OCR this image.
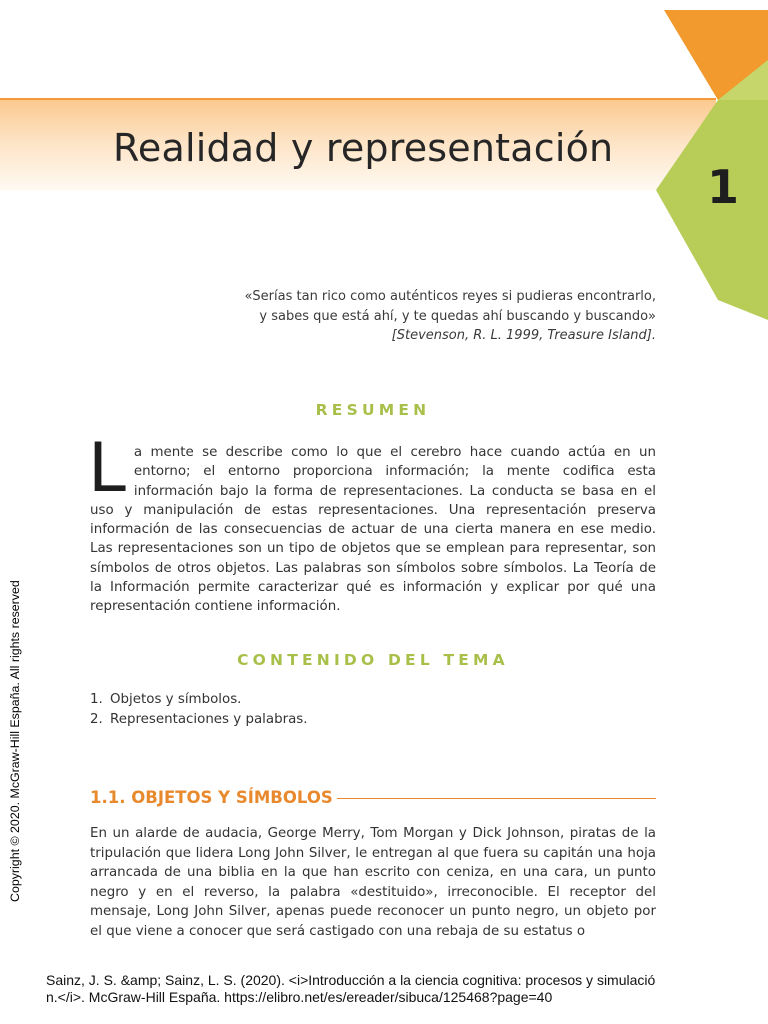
Realidad y representación
1
«Serías tan rico como auténticos reyes si pudieras encontrarlo,
y sabes que está ahí, y te quedas ahí buscando y buscando»
[Stevenson, R. L. 1999, Treasure Island].
RESUMEN
La mente se describe como lo que el cerebro hace cuando actúa en un entorno; el entorno proporciona información; la mente codifica esta información bajo la forma de representaciones. La conducta se basa en el uso y manipulación de estas representaciones. Una representación preserva información de las consecuencias de actuar de una cierta manera en ese medio. Las representaciones son un tipo de objetos que se emplean para representar, son símbolos de otros objetos. Las palabras son símbolos sobre símbolos. La Teoría de la Información permite caracterizar qué es información y explicar por qué una representación contiene información.
CONTENIDO DEL TEMA
1. Objetos y símbolos.
2. Representaciones y palabras.
1.1. OBJETOS Y SÍMBOLOS
En un alarde de audacia, George Merry, Tom Morgan y Dick Johnson, piratas de la tripulación que lidera Long John Silver, le entregan al que fuera su capitán una hoja arrancada de una biblia en la que han escrito con ceniza, en una cara, un punto negro y en el reverso, la palabra «destituido», irreconocible. El receptor del mensaje, Long John Silver, apenas puede reconocer un punto negro, un objeto por el que viene a conocer que será castigado con una rebaja de su estatus o
Copyright © 2020. McGraw-Hill España. All rights reserved
Sainz, J. S. &amp; Sainz, L. S. (2020). <i>Introducción a la ciencia cognitiva: procesos y simulació
n.</i>. McGraw-Hill España. https://elibro.net/es/ereader/sibuca/125468?page=40
